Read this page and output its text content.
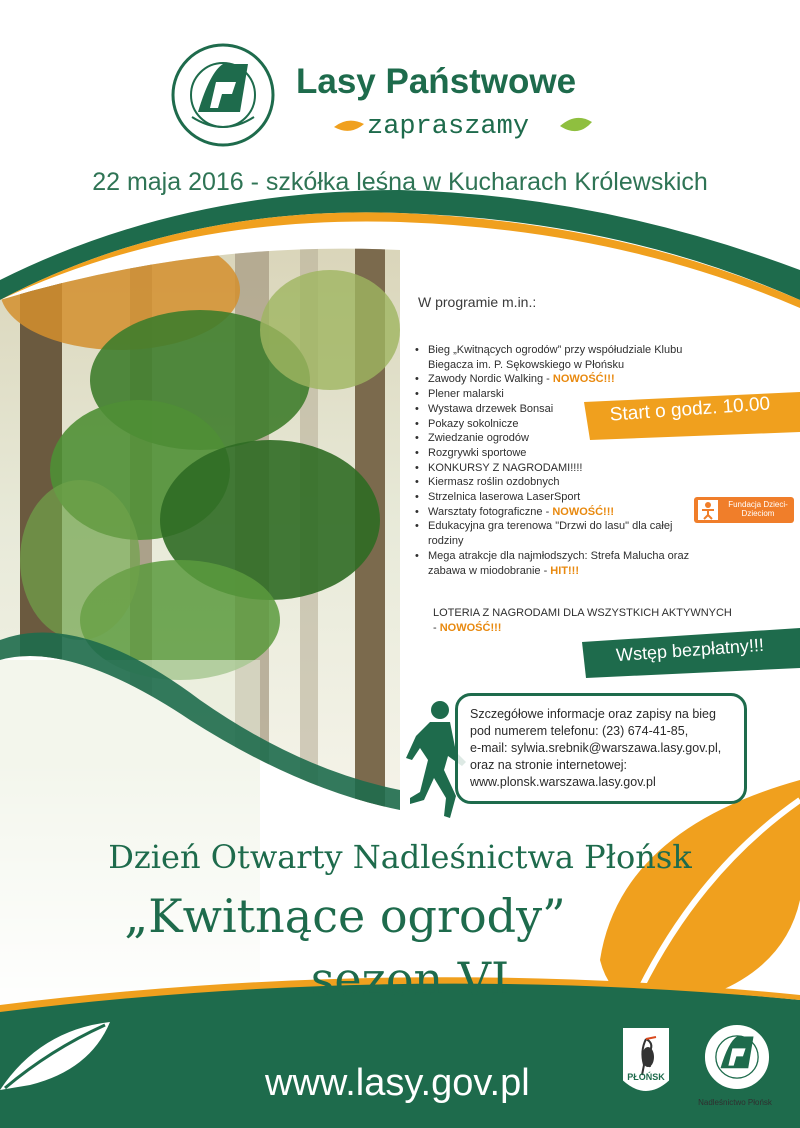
Lasy Państwowe
zapraszamy
22 maja 2016 - szkółka leśna w Kucharach Królewskich
W programie m.in.:
• Bieg „Kwitnących ogrodów” przy współudziale Klubu Biegacza im. P. Sękowskiego w Płońsku
• Zawody Nordic Walking - NOWOŚĆ!!!
• Plener malarski
• Wystawa drzewek Bonsai
• Pokazy sokolnicze
• Zwiedzanie ogrodów
• Rozgrywki sportowe
• KONKURSY Z NAGRODAMI!!!!
• Kiermasz roślin ozdobnych
• Strzelnica laserowa LaserSport
• Warsztaty fotograficzne - NOWOŚĆ!!!
• Edukacyjna gra terenowa "Drzwi do lasu" dla całej rodziny
• Mega atrakcje dla najmłodszych: Strefa Malucha oraz zabawa w miodobranie - HIT!!!
Start o godz. 10.00
Fundacja Dzieci-Dzieciom
LOTERIA Z NAGRODAMI DLA WSZYSTKICH AKTYWNYCH - NOWOŚĆ!!!
Wstęp bezpłatny!!!
Szczegółowe informacje oraz zapisy na bieg
pod numerem telefonu: (23) 674-41-85,
e-mail: sylwia.srebnik@warszawa.lasy.gov.pl,
oraz na stronie internetowej:
www.plonsk.warszawa.lasy.gov.pl
Dzień Otwarty Nadleśnictwa Płońsk
„Kwitnące ogrody”
sezon VI
www.lasy.gov.pl	PŁOŃSK
Nadleśnictwo Płońsk
